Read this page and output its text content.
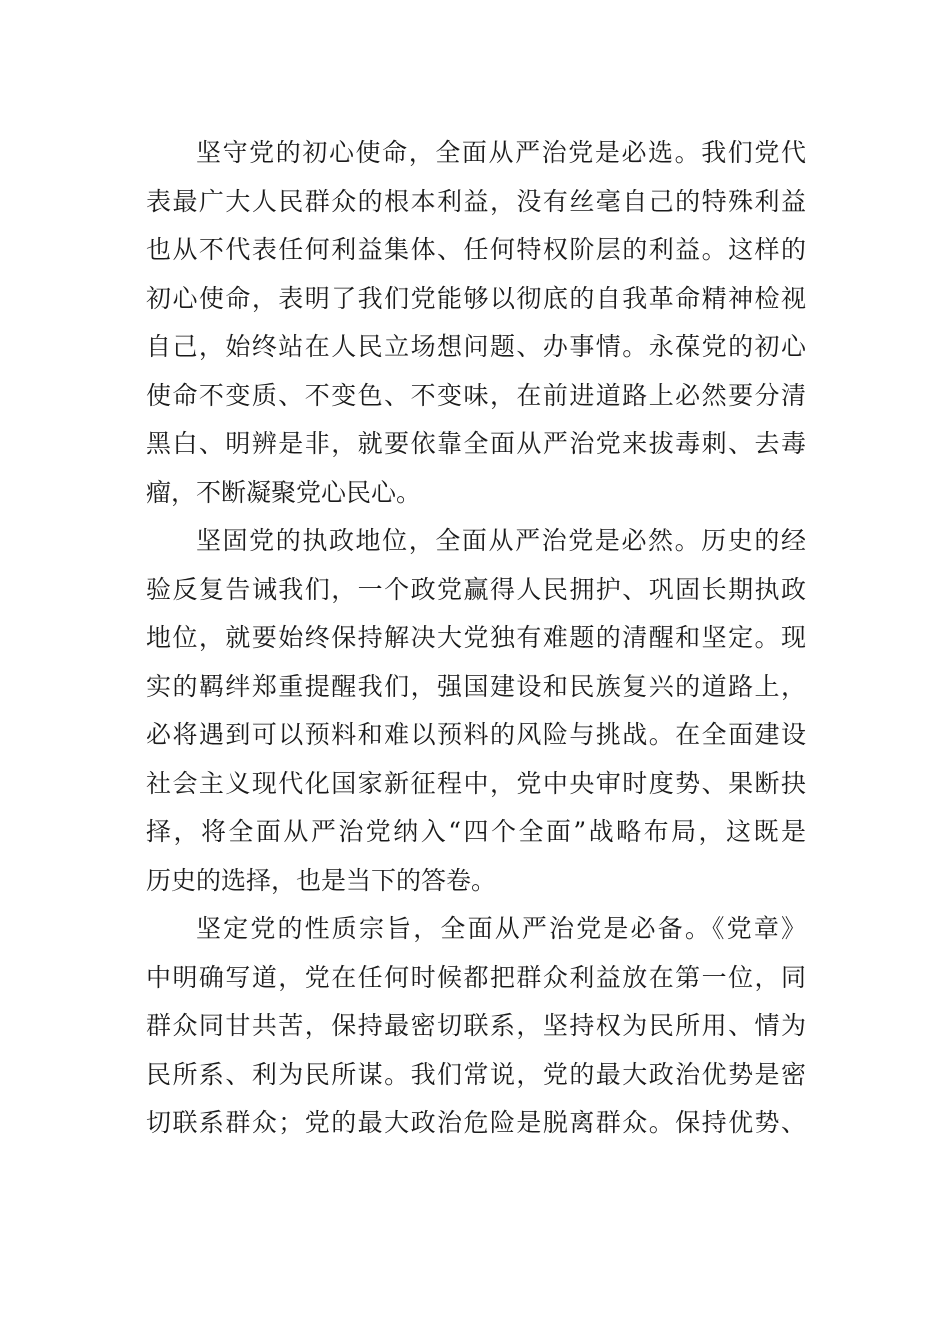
坚守党的初心使命，全面从严治党是必选。我们党代
表最广大人民群众的根本利益，没有丝毫自己的特殊利益
也从不代表任何利益集体、任何特权阶层的利益。这样的
初心使命，表明了我们党能够以彻底的自我革命精神检视
自己，始终站在人民立场想问题、办事情。永葆党的初心
使命不变质、不变色、不变味，在前进道路上必然要分清
黑白、明辨是非，就要依靠全面从严治党来拔毒刺、去毒
瘤，不断凝聚党心民心。
坚固党的执政地位，全面从严治党是必然。历史的经
验反复告诫我们，一个政党赢得人民拥护、巩固长期执政
地位，就要始终保持解决大党独有难题的清醒和坚定。现
实的羁绊郑重提醒我们，强国建设和民族复兴的道路上，
必将遇到可以预料和难以预料的风险与挑战。在全面建设
社会主义现代化国家新征程中，党中央审时度势、果断抉
择，将全面从严治党纳入“四个全面”战略布局，这既是
历史的选择，也是当下的答卷。
坚定党的性质宗旨，全面从严治党是必备。《党章》
中明确写道，党在任何时候都把群众利益放在第一位，同
群众同甘共苦，保持最密切联系，坚持权为民所用、情为
民所系、利为民所谋。我们常说，党的最大政治优势是密
切联系群众；党的最大政治危险是脱离群众。保持优势、
